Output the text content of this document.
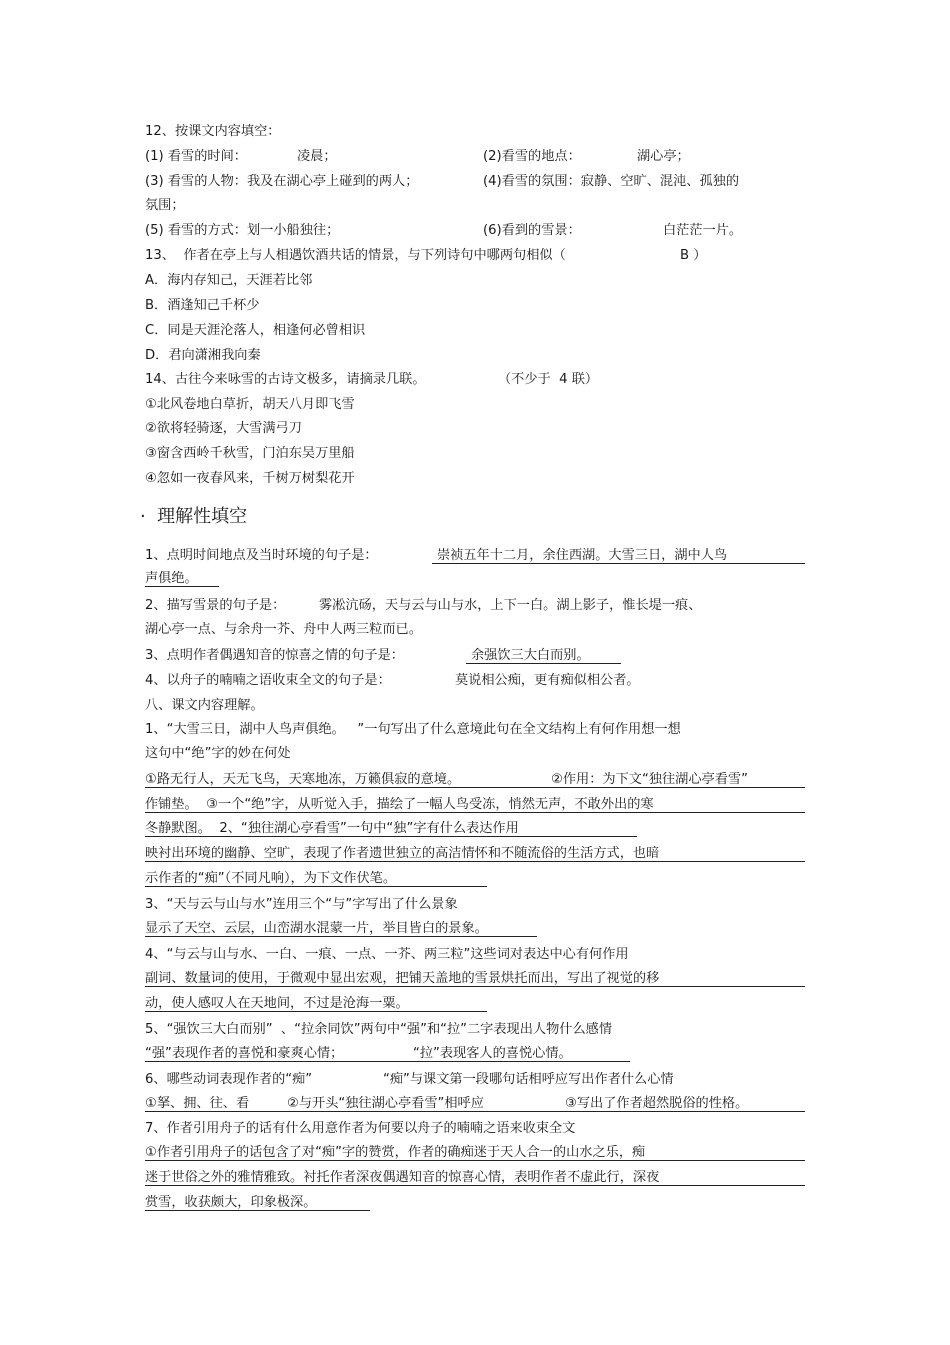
12、按课文内容填空：
(1) 看雪的时间：	凌晨；	(2)看雪的地点：	湖心亭；
(3) 看雪的人物：我及在湖心亭上碰到的两人；	(4)看雪的氛围：寂静、空旷、混沌、孤独的
氛围；
(5) 看雪的方式：划一小船独往；	(6)看到的雪景：	白茫茫一片。
13、  作者在亭上与人相遇饮酒共话的情景，与下列诗句中哪两句相似（	B ）
A．海内存知己，天涯若比邻
B．酒逢知己千杯少
C．同是天涯沦落人，相逢何必曾相识
D．君向潇湘我向秦
14、古往今来咏雪的古诗文极多，请摘录几联。	（不少于  4 联）
①北风卷地白草折，胡天八月即飞雪
②欲将轻骑逐，大雪满弓刀
③窗含西岭千秋雪，门泊东吴万里船
④忽如一夜春风来，千树万树梨花开
·  理解性填空
1、点明时间地点及当时环境的句子是：	崇祯五年十二月，余住西湖。大雪三日，湖中人鸟
声俱绝。
2、描写雪景的句子是：	雾凇沆砀，天与云与山与水，上下一白。湖上影子，惟长堤一痕、
湖心亭一点、与余舟一芥、舟中人两三粒而已。
3、点明作者偶遇知音的惊喜之情的句子是：	余强饮三大白而别。
4、以舟子的喃喃之语收束全文的句子是：	莫说相公痴，更有痴似相公者。
八、课文内容理解。
1、“大雪三日，湖中人鸟声俱绝。   ”一句写出了什么意境此句在全文结构上有何作用想一想
这句中“绝”字的妙在何处
①路无行人，天无飞鸟，天寒地冻，万籁俱寂的意境。	②作用：为下文“独往湖心亭看雪”
作铺垫。  ③一个“绝”字，从听觉入手，描绘了一幅人鸟受冻，悄然无声，不敢外出的寒
冬静默图。  2、“独往湖心亭看雪”一句中“独”字有什么表达作用
映衬出环境的幽静、空旷，表现了作者遗世独立的高洁情怀和不随流俗的生活方式，也暗
示作者的“痴”（不同凡响），为下文作伏笔。
3、“天与云与山与水”连用三个“与”字写出了什么景象
显示了天空、云层，山峦湖水混蒙一片，举目皆白的景象。
4、“与云与山与水、一白、一痕、一点、一芥、两三粒”这些词对表达中心有何作用
副词、数量词的使用，于微观中显出宏观，把铺天盖地的雪景烘托而出，写出了视觉的移
动，使人感叹人在天地间，不过是沧海一粟。
5、“强饮三大白而别”  、“拉余同饮”两句中“强”和“拉”二字表现出人物什么感情
“强”表现作者的喜悦和豪爽心情；	“拉”表现客人的喜悦心情。
6、哪些动词表现作者的“痴”	“痴”与课文第一段哪句话相呼应写出作者什么心情
①拏、拥、往、看	②与开头“独往湖心亭看雪”相呼应	③写出了作者超然脱俗的性格。
7、作者引用舟子的话有什么用意作者为何要以舟子的喃喃之语来收束全文
①作者引用舟子的话包含了对“痴”字的赞赏，作者的确痴迷于天人合一的山水之乐，痴
迷于世俗之外的雅情雅致。衬托作者深夜偶遇知音的惊喜心情，表明作者不虚此行，深夜
赏雪，收获颇大，印象极深。
